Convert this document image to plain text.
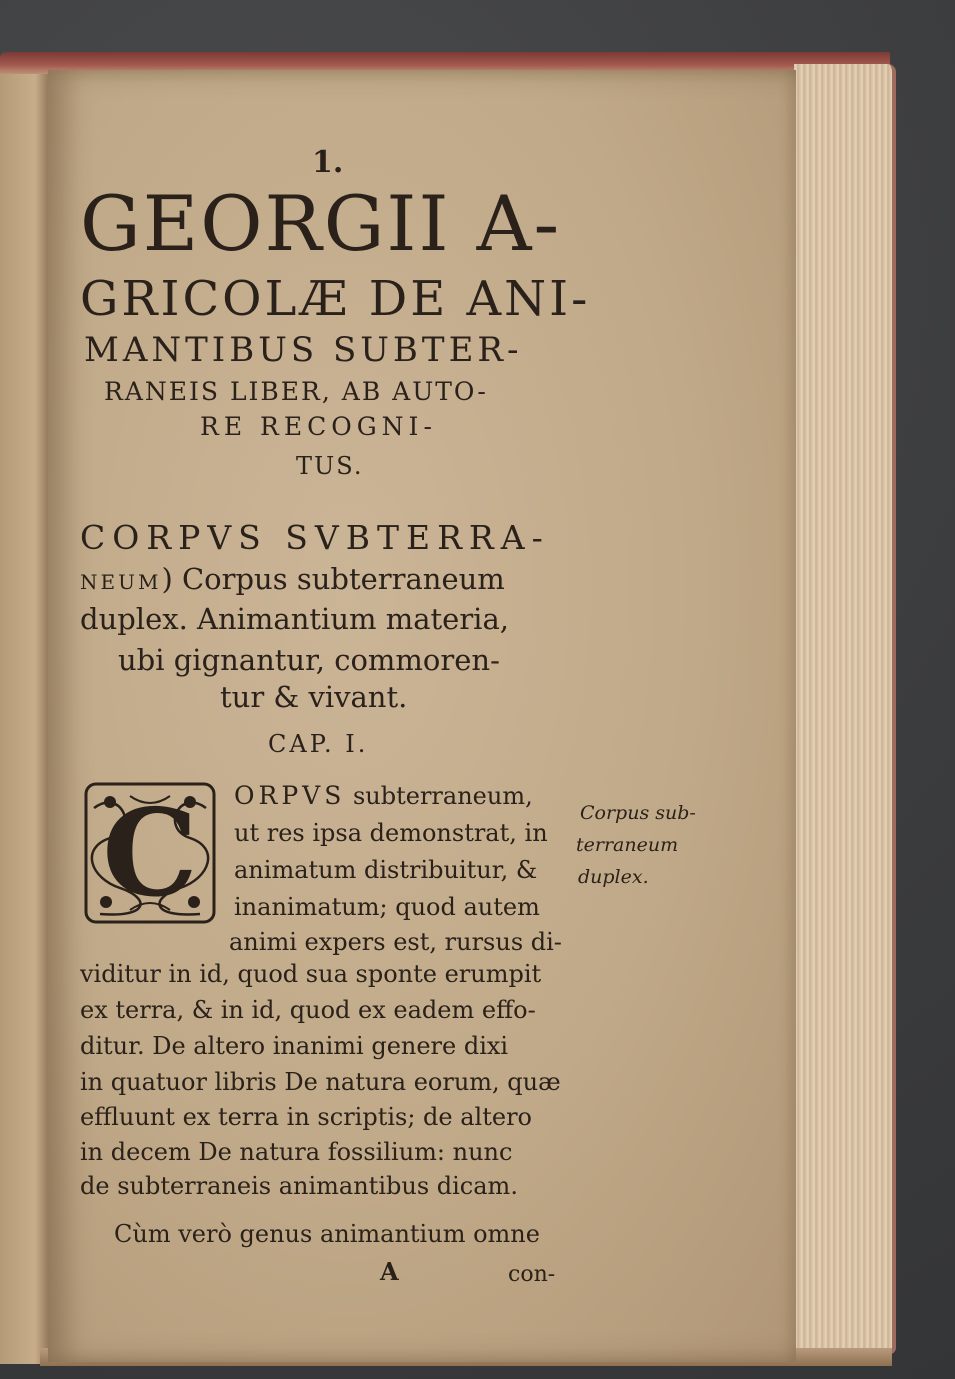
1.
GEORGII A-
GRICOLÆ DE ANI-
MANTIBUS SUBTER-
RANEIS LIBER, AB AUTO-
RE RECOGNI-
TUS.
CORPVS SVBTERRA-
NEUM) Corpus subterraneum
duplex. Animantium materia,
ubi gignantur, commoren-
tur & vivant.
CAP. I.
C	ORPVS subterraneum,
ut res ipsa demonstrat, in
animatum distribuitur, &
inanimatum; quod autem
animi expers est, rursus di-
viditur in id, quod sua sponte erumpit
ex terra, & in id, quod ex eadem effo-
ditur. De altero inanimi genere dixi
in quatuor libris De natura eorum, quæ
effluunt ex terra in scriptis; de altero
in decem De natura fossilium: nunc
de subterraneis animantibus dicam.
Cùm verò genus animantium omne
Corpus sub-
terraneum
duplex.
A	con-
